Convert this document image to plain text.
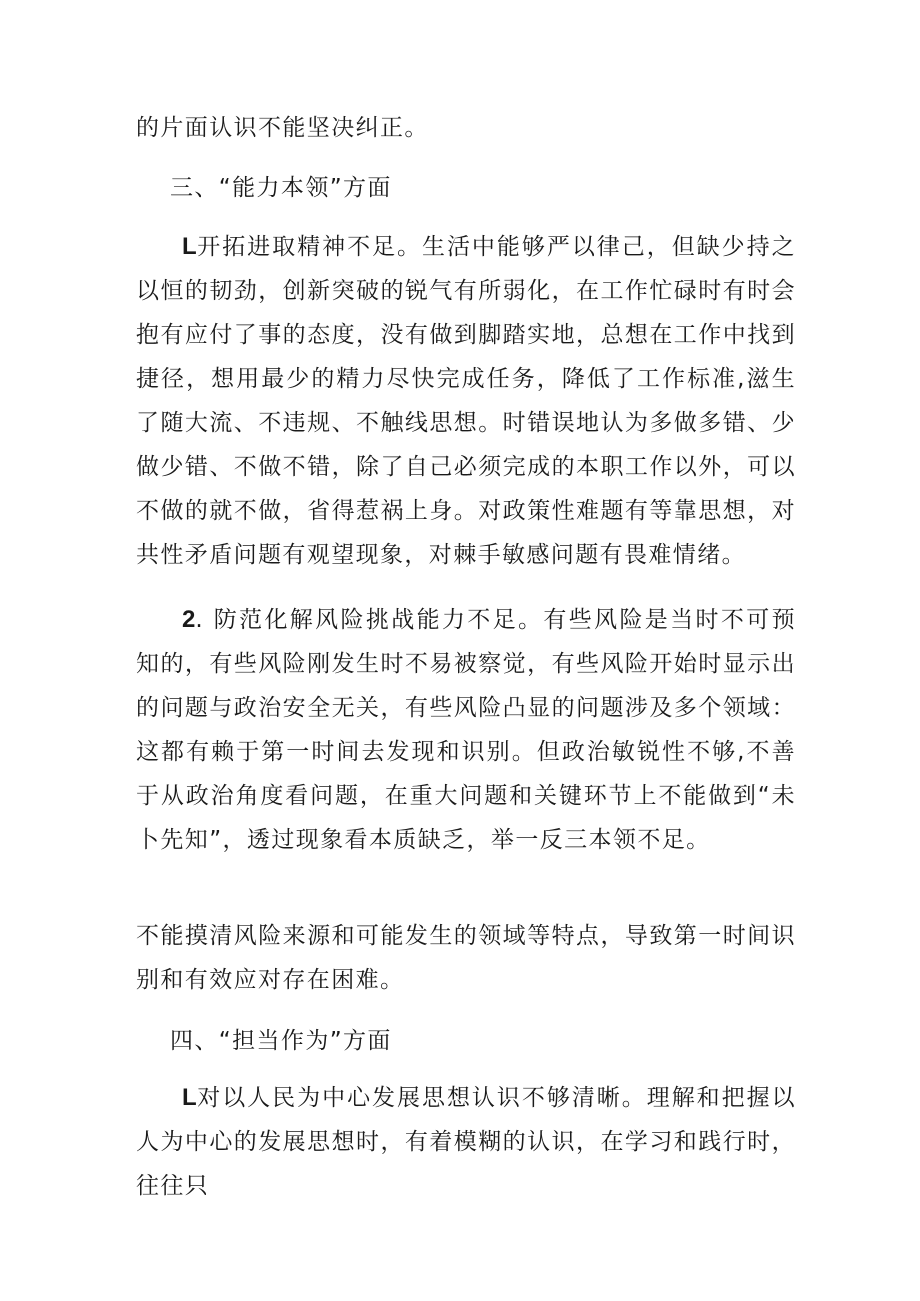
的片面认识不能坚决纠正。

三、“能力本领”方面

L开拓进取精神不足。生活中能够严以律己，但缺少持之以恒的韧劲，创新突破的锐气有所弱化，在工作忙碌时有时会抱有应付了事的态度，没有做到脚踏实地，总想在工作中找到捷径，想用最少的精力尽快完成任务，降低了工作标准,滋生了随大流、不违规、不触线思想。时错误地认为多做多错、少做少错、不做不错，除了自己必须完成的本职工作以外，可以不做的就不做，省得惹祸上身。对政策性难题有等靠思想，对共性矛盾问题有观望现象，对棘手敏感问题有畏难情绪。

2. 防范化解风险挑战能力不足。有些风险是当时不可预知的，有些风险刚发生时不易被察觉，有些风险开始时显示出的问题与政治安全无关，有些风险凸显的问题涉及多个领域：这都有赖于第一时间去发现和识别。但政治敏锐性不够,不善于从政治角度看问题，在重大问题和关键环节上不能做到“未卜先知”，透过现象看本质缺乏，举一反三本领不足。

不能摸清风险来源和可能发生的领域等特点，导致第一时间识别和有效应对存在困难。

四、“担当作为”方面

L对以人民为中心发展思想认识不够清晰。理解和把握以人为中心的发展思想时，有着模糊的认识，在学习和践行时，往往只
